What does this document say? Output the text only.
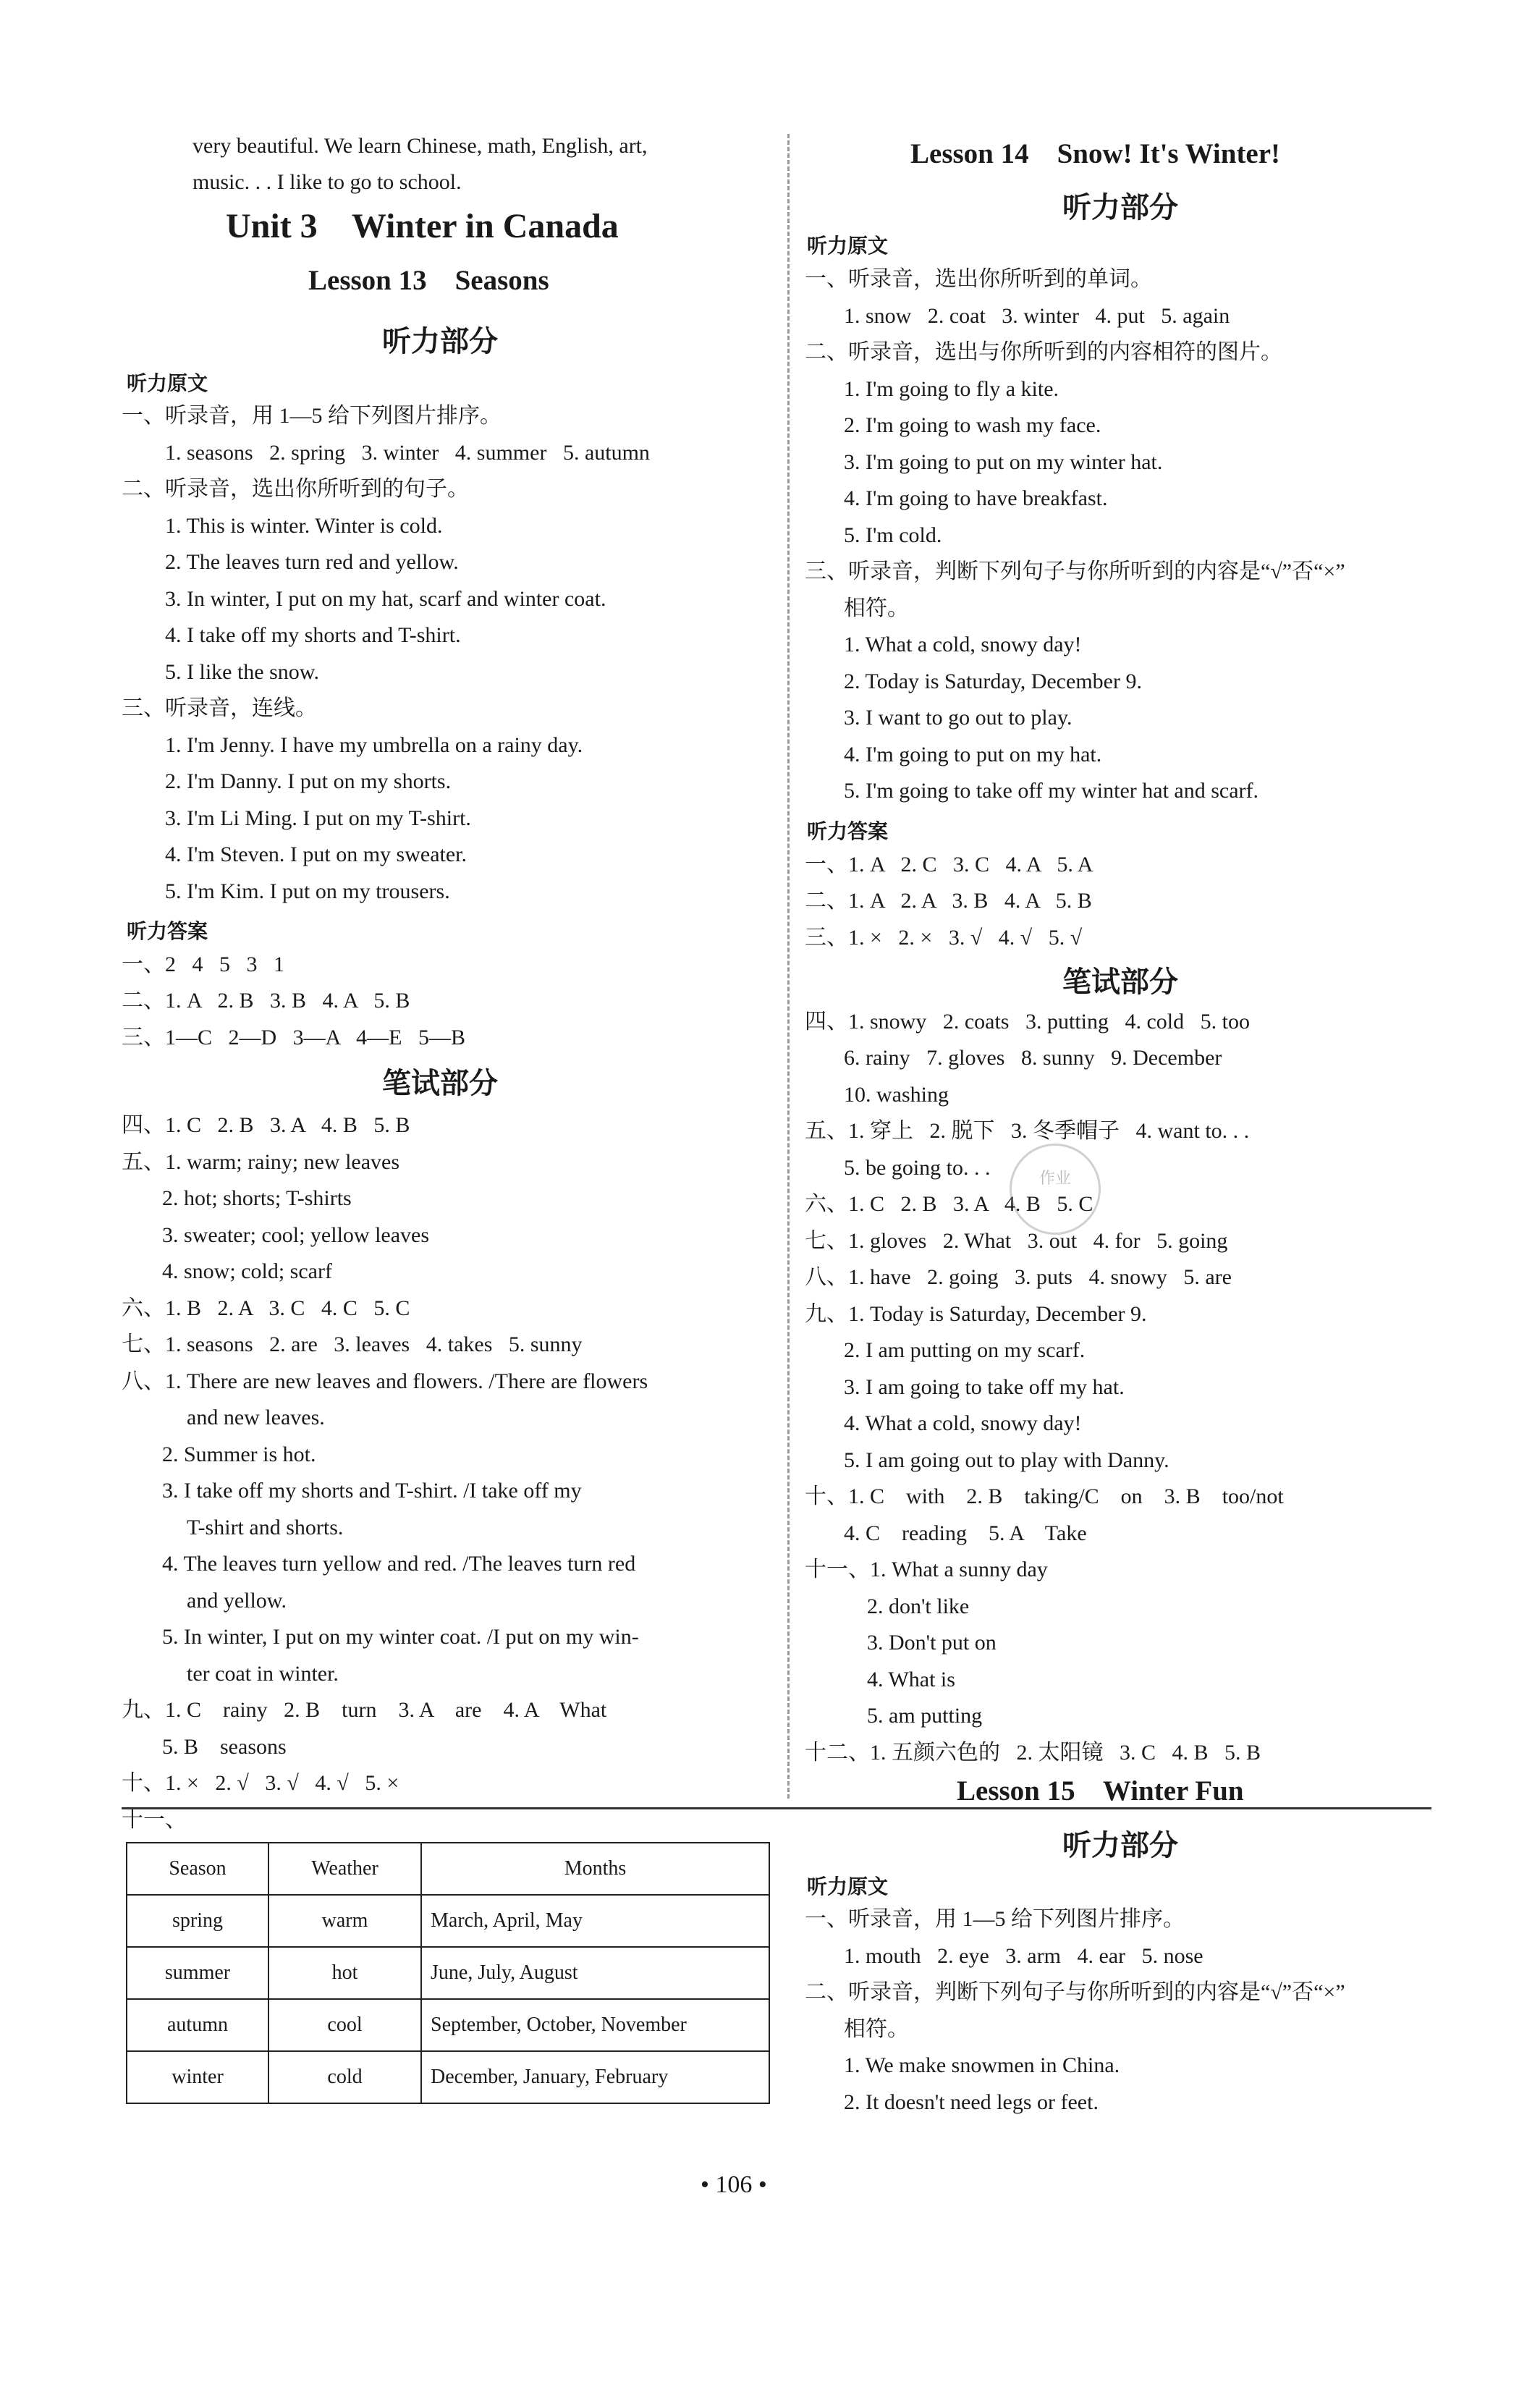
very beautiful. We learn Chinese, math, English, art,
music. . . I like to go to school.
Unit 3    Winter in Canada
Lesson 13    Seasons
听力部分
听力原文
一、听录音，用 1—5 给下列图片排序。
1. seasons   2. spring   3. winter   4. summer   5. autumn
二、听录音，选出你所听到的句子。
1. This is winter. Winter is cold.
2. The leaves turn red and yellow.
3. In winter, I put on my hat, scarf and winter coat.
4. I take off my shorts and T-shirt.
5. I like the snow.
三、听录音，连线。
1. I'm Jenny. I have my umbrella on a rainy day.
2. I'm Danny. I put on my shorts.
3. I'm Li Ming. I put on my T-shirt.
4. I'm Steven. I put on my sweater.
5. I'm Kim. I put on my trousers.
听力答案
一、2   4   5   3   1
二、1. A   2. B   3. B   4. A   5. B
三、1—C   2—D   3—A   4—E   5—B
笔试部分
四、1. C   2. B   3. A   4. B   5. B
五、1. warm; rainy; new leaves
2. hot; shorts; T-shirts
3. sweater; cool; yellow leaves
4. snow; cold; scarf
六、1. B   2. A   3. C   4. C   5. C
七、1. seasons   2. are   3. leaves   4. takes   5. sunny
八、1. There are new leaves and flowers. /There are flowers
and new leaves.
2. Summer is hot.
3. I take off my shorts and T-shirt. /I take off my
T-shirt and shorts.
4. The leaves turn yellow and red. /The leaves turn red
and yellow.
5. In winter, I put on my winter coat. /I put on my win-
ter coat in winter.
九、1. C    rainy   2. B    turn    3. A    are    4. A    What
5. B    seasons
十、1. ×   2. √   3. √   4. √   5. ×
十一、
Season	Weather	Months
spring	warm	March, April, May
summer	hot	June, July, August
autumn	cool	September, October, November
winter	cold	December, January, February
Lesson 14    Snow! It's Winter!
听力部分
听力原文
一、听录音，选出你所听到的单词。
1. snow   2. coat   3. winter   4. put   5. again
二、听录音，选出与你所听到的内容相符的图片。
1. I'm going to fly a kite.
2. I'm going to wash my face.
3. I'm going to put on my winter hat.
4. I'm going to have breakfast.
5. I'm cold.
三、听录音，判断下列句子与你所听到的内容是“√”否“×”
相符。
1. What a cold, snowy day!
2. Today is Saturday, December 9.
3. I want to go out to play.
4. I'm going to put on my hat.
5. I'm going to take off my winter hat and scarf.
听力答案
一、1. A   2. C   3. C   4. A   5. A
二、1. A   2. A   3. B   4. A   5. B
三、1. ×   2. ×   3. √   4. √   5. √
笔试部分
四、1. snowy   2. coats   3. putting   4. cold   5. too
6. rainy   7. gloves   8. sunny   9. December
10. washing
五、1. 穿上   2. 脱下   3. 冬季帽子   4. want to. . .
5. be going to. . .
六、1. C   2. B   3. A   4. B   5. C
七、1. gloves   2. What   3. out   4. for   5. going
八、1. have   2. going   3. puts   4. snowy   5. are
九、1. Today is Saturday, December 9.
2. I am putting on my scarf.
3. I am going to take off my hat.
4. What a cold, snowy day!
5. I am going out to play with Danny.
十、1. C    with    2. B    taking/C    on    3. B    too/not
4. C    reading    5. A    Take
十一、1. What a sunny day
2. don't like
3. Don't put on
4. What is
5. am putting
十二、1. 五颜六色的   2. 太阳镜   3. C   4. B   5. B
Lesson 15    Winter Fun
听力部分
听力原文
一、听录音，用 1—5 给下列图片排序。
1. mouth   2. eye   3. arm   4. ear   5. nose
二、听录音，判断下列句子与你所听到的内容是“√”否“×”
相符。
1. We make snowmen in China.
2. It doesn't need legs or feet.
作业
• 106 •
